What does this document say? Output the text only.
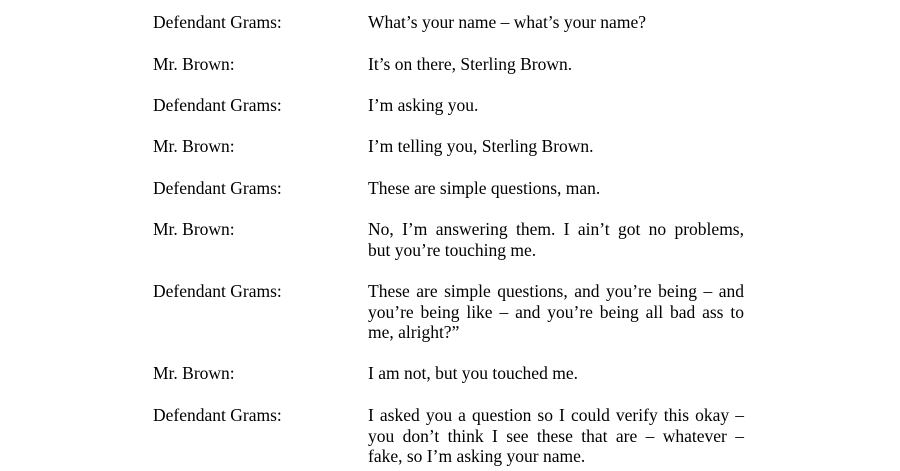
Defendant Grams:	What’s your name – what’s your name?
Mr. Brown:	It’s on there, Sterling Brown.
Defendant Grams:	I’m asking you.
Mr. Brown:	I’m telling you, Sterling Brown.
Defendant Grams:	These are simple questions, man.
Mr. Brown:	No, I’m answering them. I ain’t got no problems,
but you’re touching me.
Defendant Grams:	These are simple questions, and you’re being – and
you’re being like – and you’re being all bad ass to
me, alright?”
Mr. Brown:	I am not, but you touched me.
Defendant Grams:	I asked you a question so I could verify this okay –
you don’t think I see these that are – whatever –
fake, so I’m asking your name.
